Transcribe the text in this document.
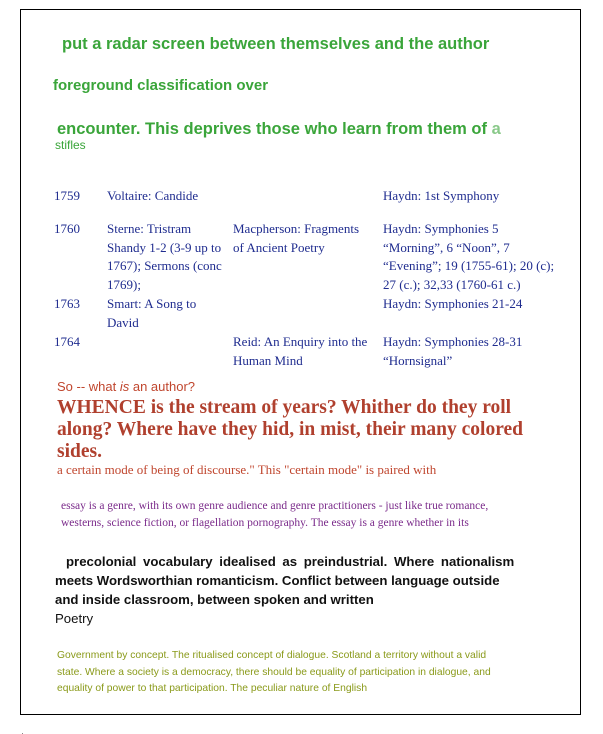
put a radar screen between themselves and the author
foreground classification over
encounter. This deprives those who learn from them of a
stifles
1759 Voltaire: Candide	Haydn: 1st Symphony
1760 Sterne: Tristram Shandy 1-2 (3-9 up to 1767); Sermons (conc 1769);
Macpherson: Fragments of Ancient Poetry
Haydn: Symphonies 5 “Morning”, 6 “Noon”, 7 “Evening”; 19 (1755-61); 20 (c); 27 (c.); 32,33 (1760-61 c.)
1763 Smart: A Song to David
Haydn: Symphonies 21-24
1764	Reid: An Enquiry into the Human Mind
Haydn: Symphonies 28-31 “Hornsignal”
So -- what is an author?
WHENCE is the stream of years? Whither do they roll along? Where have they hid, in mist, their many colored sides.
a certain mode of being of discourse." This "certain mode" is paired with
essay is a genre, with its own genre audience and genre practitioners - just like true romance,
westerns, science fiction, or flagellation pornography. The essay is a genre whether in its
precolonial vocabulary idealised as preindustrial. Where nationalism
meets Wordsworthian romanticism. Conflict between language outside
and inside classroom, between spoken and written
Poetry
Government by concept. The ritualised concept of dialogue. Scotland a territory without a valid
state. Where a society is a democracy, there should be equality of participation in dialogue, and
equality of power to that participation. The peculiar nature of English
